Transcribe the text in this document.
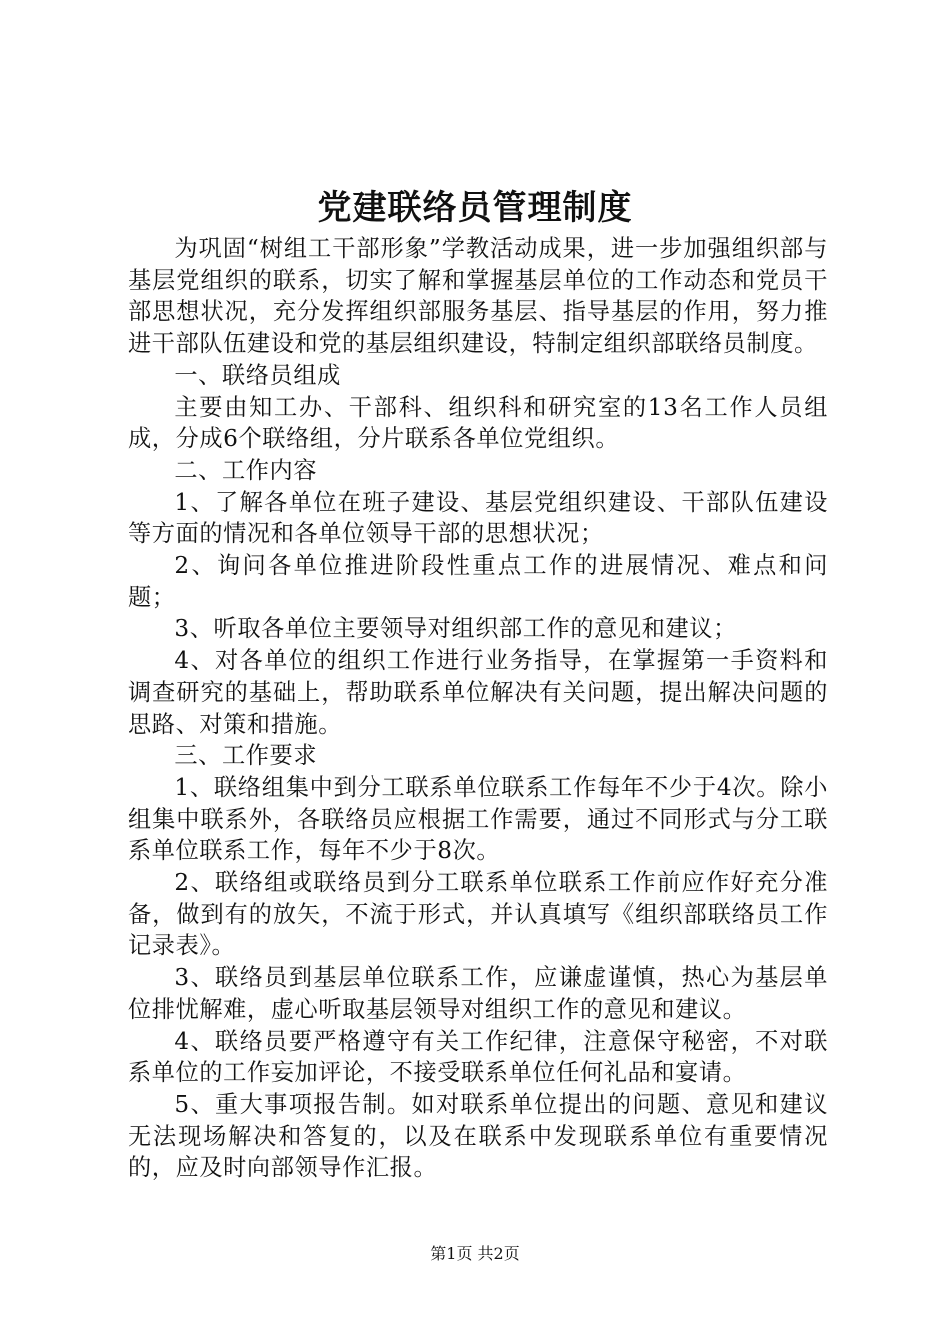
党建联络员管理制度

为巩固“树组工干部形象”学教活动成果，进一步加强组织部与基层党组织的联系，切实了解和掌握基层单位的工作动态和党员干部思想状况，充分发挥组织部服务基层、指导基层的作用，努力推进干部队伍建设和党的基层组织建设，特制定组织部联络员制度。

一、联络员组成

主要由知工办、干部科、组织科和研究室的13名工作人员组成，分成6个联络组，分片联系各单位党组织。

二、工作内容

1、了解各单位在班子建设、基层党组织建设、干部队伍建设等方面的情况和各单位领导干部的思想状况；

2、询问各单位推进阶段性重点工作的进展情况、难点和问题；

3、听取各单位主要领导对组织部工作的意见和建议；

4、对各单位的组织工作进行业务指导，在掌握第一手资料和调查研究的基础上，帮助联系单位解决有关问题，提出解决问题的思路、对策和措施。

三、工作要求

1、联络组集中到分工联系单位联系工作每年不少于4次。除小组集中联系外，各联络员应根据工作需要，通过不同形式与分工联系单位联系工作，每年不少于8次。

2、联络组或联络员到分工联系单位联系工作前应作好充分准备，做到有的放矢，不流于形式，并认真填写《组织部联络员工作记录表》。

3、联络员到基层单位联系工作，应谦虚谨慎，热心为基层单位排忧解难，虚心听取基层领导对组织工作的意见和建议。

4、联络员要严格遵守有关工作纪律，注意保守秘密，不对联系单位的工作妄加评论，不接受联系单位任何礼品和宴请。

5、重大事项报告制。如对联系单位提出的问题、意见和建议无法现场解决和答复的，以及在联系中发现联系单位有重要情况的，应及时向部领导作汇报。

第1页 共2页
